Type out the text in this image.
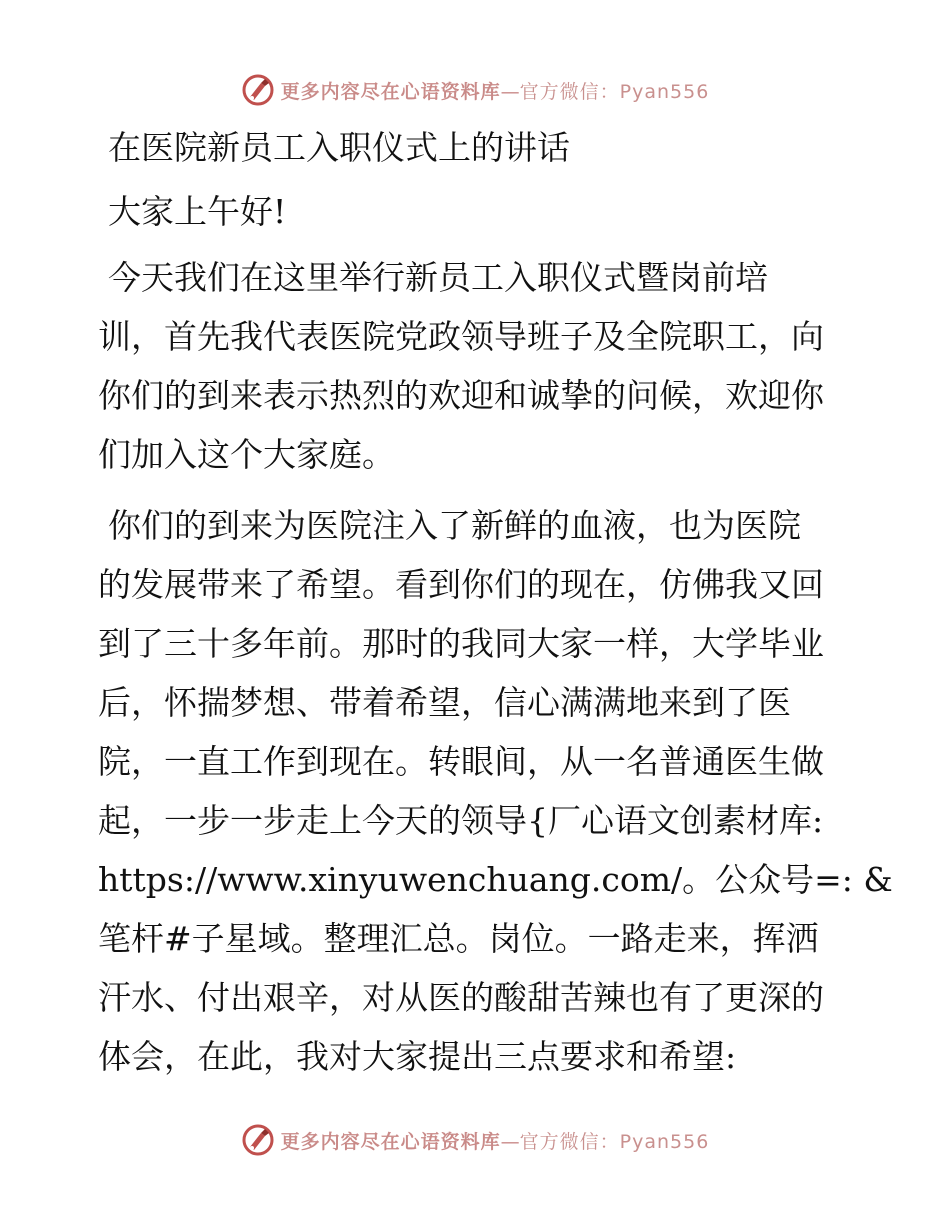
更多内容尽在心语资料库—官方微信：Pyan556
在医院新员工入职仪式上的讲话
大家上午好!
今天我们在这里举行新员工入职仪式暨岗前培
训，首先我代表医院党政领导班子及全院职工，向
你们的到来表示热烈的欢迎和诚挚的问候，欢迎你
们加入这个大家庭。
你们的到来为医院注入了新鲜的血液，也为医院
的发展带来了希望。看到你们的现在，仿佛我又回
到了三十多年前。那时的我同大家一样，大学毕业
后，怀揣梦想、带着希望，信心满满地来到了医
院，一直工作到现在。转眼间，从一名普通医生做
起，一步一步走上今天的领导{厂心语文创素材库:
https://www.xinyuwenchuang.com/。公众号=: &
笔杆#子星域。整理汇总。岗位。一路走来，挥洒
汗水、付出艰辛，对从医的酸甜苦辣也有了更深的
体会，在此，我对大家提出三点要求和希望:
更多内容尽在心语资料库—官方微信：Pyan556
